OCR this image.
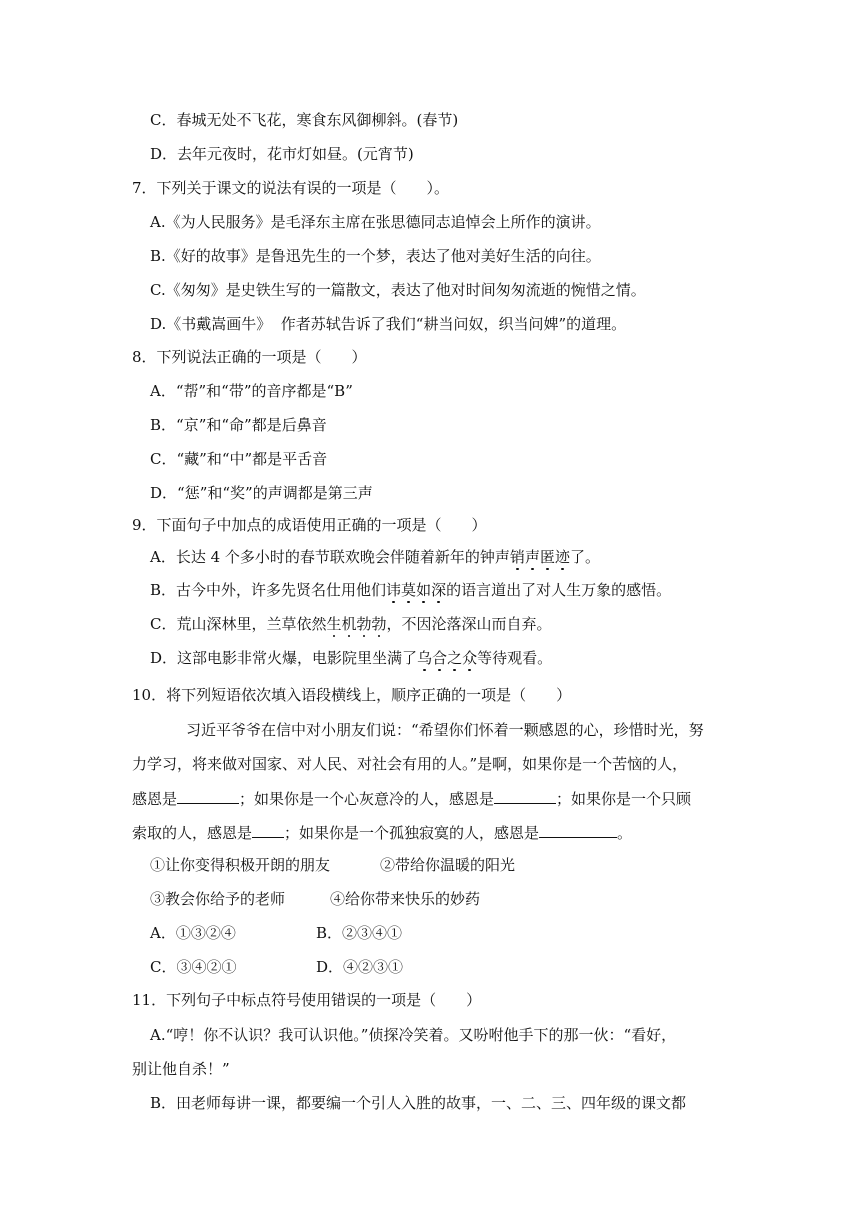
C．春城无处不飞花，寒食东风御柳斜。(春节)
D．去年元夜时，花市灯如昼。(元宵节)
7．下列关于课文的说法有误的一项是（　　）。
A.《为人民服务》是毛泽东主席在张思德同志追悼会上所作的演讲。
B.《好的故事》是鲁迅先生的一个梦，表达了他对美好生活的向往。
C.《匆匆》是史铁生写的一篇散文，表达了他对时间匆匆流逝的惋惜之情。
D.《书戴嵩画牛》  作者苏轼告诉了我们“耕当问奴，织当问婢”的道理。
8．下列说法正确的一项是（　　）
A．“帮”和“带”的音序都是“B”
B．“京”和“命”都是后鼻音
C．“藏”和“中”都是平舌音
D．“惩”和“奖”的声调都是第三声
9．下面句子中加点的成语使用正确的一项是（　　）
A．长达 4 个多小时的春节联欢晚会伴随着新年的钟声销声匿迹了。
B．古今中外，许多先贤名仕用他们讳莫如深的语言道出了对人生万象的感悟。
C．荒山深林里，兰草依然生机勃勃，不因沦落深山而自弃。
D．这部电影非常火爆，电影院里坐满了乌合之众等待观看。
10．将下列短语依次填入语段横线上，顺序正确的一项是（　　）
习近平爷爷在信中对小朋友们说：“希望你们怀着一颗感恩的心，珍惜时光，努
力学习，将来做对国家、对人民、对社会有用的人。”是啊，如果你是一个苦恼的人，
感恩是	；如果你是一个心灰意冷的人，感恩是	；如果你是一个只顾
索取的人，感恩是 ；如果你是一个孤独寂寞的人，感恩是	。
①让你变得积极开朗的朋友	②带给你温暖的阳光
③教会你给予的老师	④给你带来快乐的妙药
A．①③②④	B．②③④①
C．③④②①	D．④②③①
11．下列句子中标点符号使用错误的一项是（　　）
A.“哼！你不认识？我可认识他。”侦探冷笑着。又吩咐他手下的那一伙：“看好，
别让他自杀！”
B．田老师每讲一课，都要编一个引人入胜的故事，一、二、三、四年级的课文都
